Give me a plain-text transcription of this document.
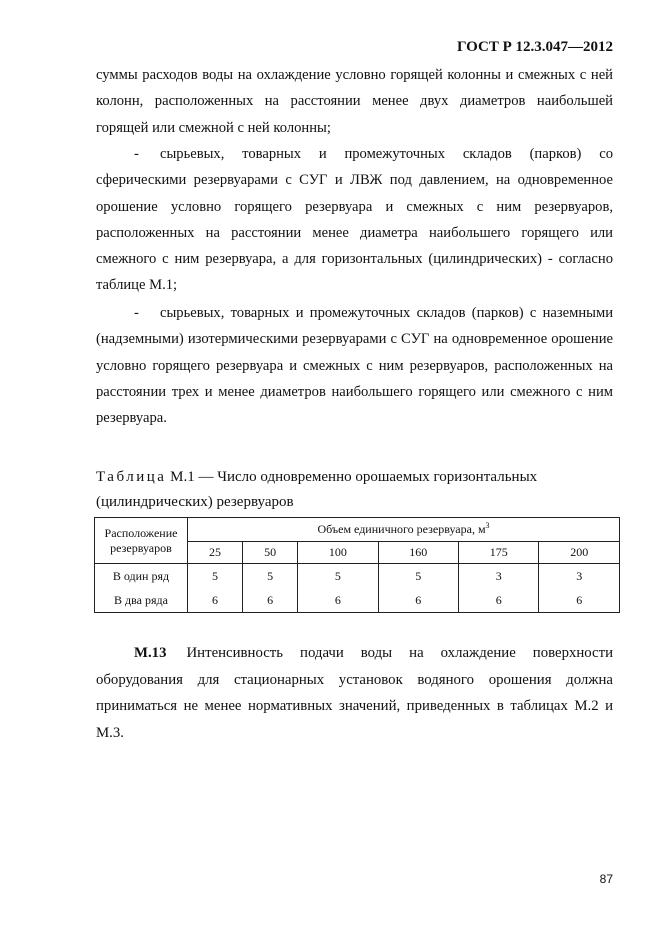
ГОСТ Р 12.3.047—2012
суммы расходов воды на охлаждение условно горящей колонны и смежных с ней колонн, расположенных на расстоянии менее двух диаметров наибольшей горящей или смежной с ней колонны;
- сырьевых, товарных и промежуточных складов (парков) со сферическими резервуарами с СУГ и ЛВЖ под давлением, на одновременное орошение условно горящего резервуара и смежных с ним резервуаров, расположенных на расстоянии менее диаметра наибольшего горящего или смежного с ним резервуара, а для горизонтальных (цилиндрических) - согласно таблице М.1;
- сырьевых, товарных и промежуточных складов (парков) с наземными (надземными) изотермическими резервуарами с СУГ на одновременное орошение условно горящего резервуара и смежных с ним резервуаров, расположенных на расстоянии трех и менее диаметров наибольшего горящего или смежного с ним резервуара.
Таблица М.1 — Число одновременно орошаемых горизонтальных (цилиндрических) резервуаров
Расположение резервуаров	Объем единичного резервуара, $м^3$
	25	50	100	160	175	200
В один ряд	5	5	5	5	3	3
В два ряда	6	6	6	6	6	6
М.13 Интенсивность подачи воды на охлаждение поверхности оборудования для стационарных установок водяного орошения должна приниматься не менее нормативных значений, приведенных в таблицах М.2 и М.3.
87
